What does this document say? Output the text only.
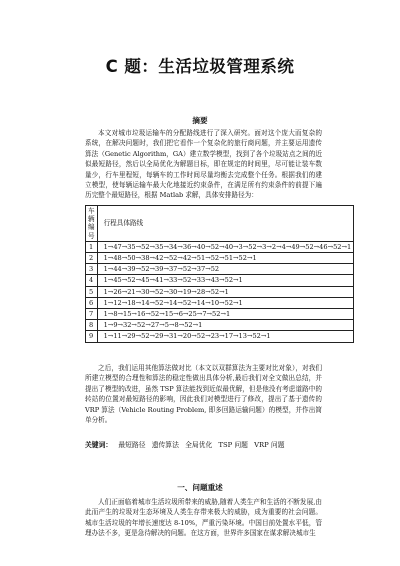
C 题：生活垃圾管理系统
摘要

本文对城市垃圾运输车的分配路线进行了深入研究。面对这个庞大而复杂的系统，在解决问题时，我们把它看作一个复杂化的旅行商问题，并主要运用遗传算法（Genetic Algorithm，GA）建立数学模型，找到了各个垃圾站点之间的近似最短路径，然后以全局优化为解题目标，即在规定的时间里，尽可能让装车数量少，行车里程短，每辆车的工作时间尽量均衡去完成整个任务。根据我们的建立模型，使每辆运输车最大化地接近约束条件，在满足所有约束条件的前提下遍历完整个最短路径，根据 Matlab 求解，具体安排路径为：

车 辆 编 号	行程具体路线
1	1→47→35→52→35→34→36→40→52→40→3→52→3→2→4→49→52→46→52→1
2	1→48→50→38→42→52→42→51→52→51→52→1
3	1→44→39→52→39→37→52→37→52
4	1→45→52→45→41→33→52→33→43→52→1
5	1→26→21→30→52→30→19→28→52→1
6	1→12→18→14→52→14→52→14→10→52→1
7	1→8→15→16→52→15→6→25→7→52→1
8	1→9→32→52→27→5→8→52→1
9	1→11→29→52→29→31→20→52→23→17→13→52→1

之后，我们运用其他算法做对比（本文以双群算法为主要对比对象），对我们所建立模型的合理性和算法的稳定性做出具体分析,最后我们对全文做出总结，并提出了模型的改进，虽然 TSP 算法能找到近似最优解，但是他没有考虑道路中的转站的位置对最短路径的影响，因此我们对模型进行了修改，提出了基于遗传的 VRP 算法（Vehicle Routing Problem, 即多回路运输问题）的模型，并作出简单分析。

关键词： 最短路径 遗传算法 全局优化 TSP 问题 VRP 问题
一、问题重述

人们正面临着城市生活垃圾所带来的威胁,随着人类生产和生活的不断发展,由此而产生的垃圾对生态环境及人类生存带来极大的威胁，成为重要的社会问题。城市生活垃圾的年增长速度达 8-10%，严重污染环境。中国目前处置水平低，管理办法不多，更是急待解决的问题。在这方面，世界许多国家在谋求解决城市生
